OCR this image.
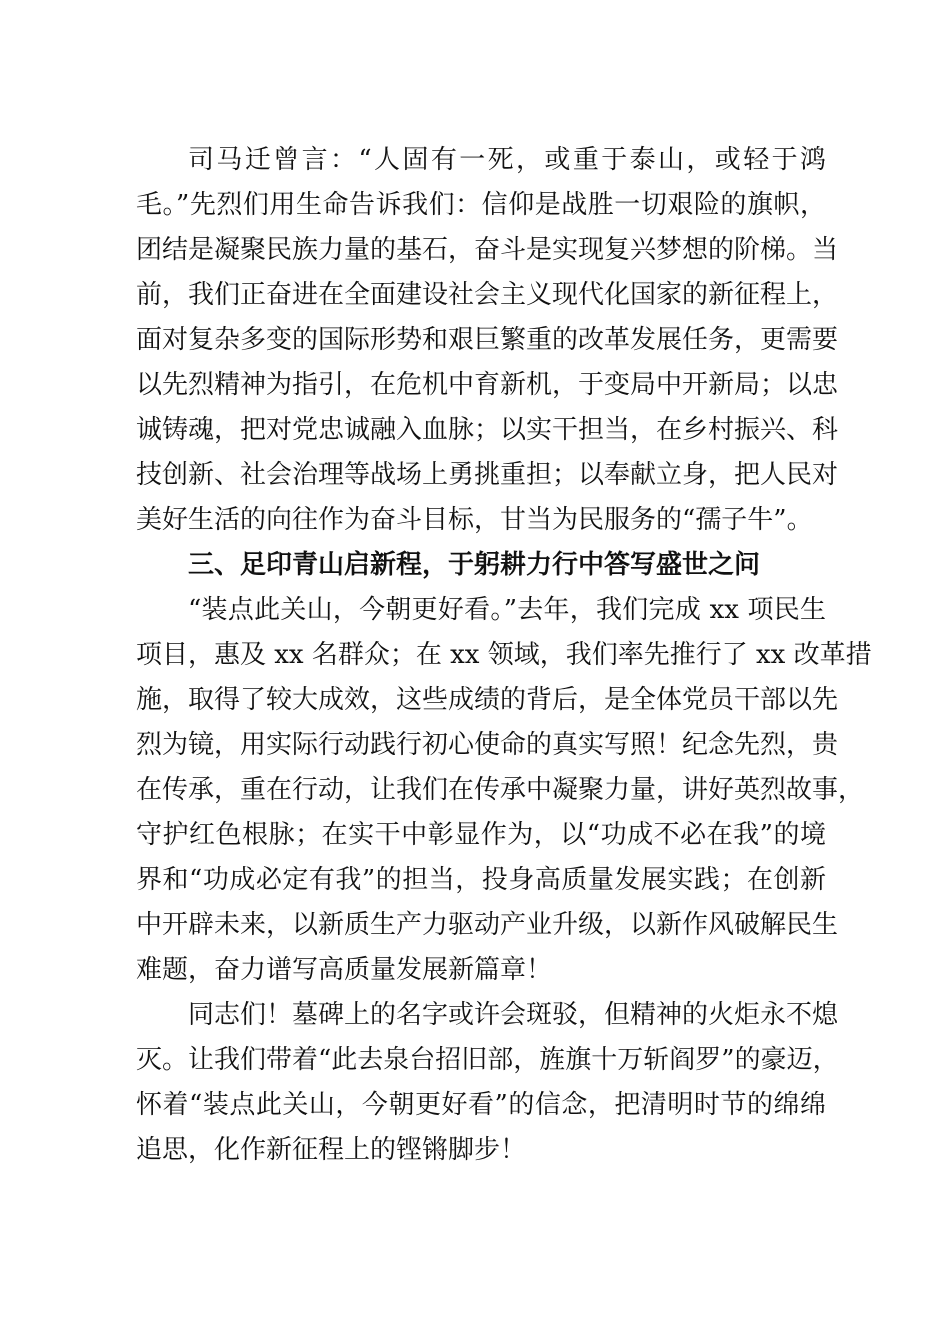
司马迁曾言：“人固有一死，或重于泰山，或轻于鸿
毛。”先烈们用生命告诉我们：信仰是战胜一切艰险的旗帜，
团结是凝聚民族力量的基石，奋斗是实现复兴梦想的阶梯。当
前，我们正奋进在全面建设社会主义现代化国家的新征程上，
面对复杂多变的国际形势和艰巨繁重的改革发展任务，更需要
以先烈精神为指引，在危机中育新机，于变局中开新局；以忠
诚铸魂，把对党忠诚融入血脉；以实干担当，在乡村振兴、科
技创新、社会治理等战场上勇挑重担；以奉献立身，把人民对
美好生活的向往作为奋斗目标，甘当为民服务的“孺子牛”。
三、足印青山启新程，于躬耕力行中答写盛世之问
“装点此关山，今朝更好看。”去年，我们完成 xx 项民生
项目，惠及 xx 名群众；在 xx 领域，我们率先推行了 xx 改革措
施，取得了较大成效，这些成绩的背后，是全体党员干部以先
烈为镜，用实际行动践行初心使命的真实写照！纪念先烈，贵
在传承，重在行动，让我们在传承中凝聚力量，讲好英烈故事，
守护红色根脉；在实干中彰显作为，以“功成不必在我”的境
界和“功成必定有我”的担当，投身高质量发展实践；在创新
中开辟未来，以新质生产力驱动产业升级，以新作风破解民生
难题，奋力谱写高质量发展新篇章！
同志们！墓碑上的名字或许会斑驳，但精神的火炬永不熄
灭。让我们带着“此去泉台招旧部，旌旗十万斩阎罗”的豪迈，
怀着“装点此关山，今朝更好看”的信念，把清明时节的绵绵
追思，化作新征程上的铿锵脚步！
